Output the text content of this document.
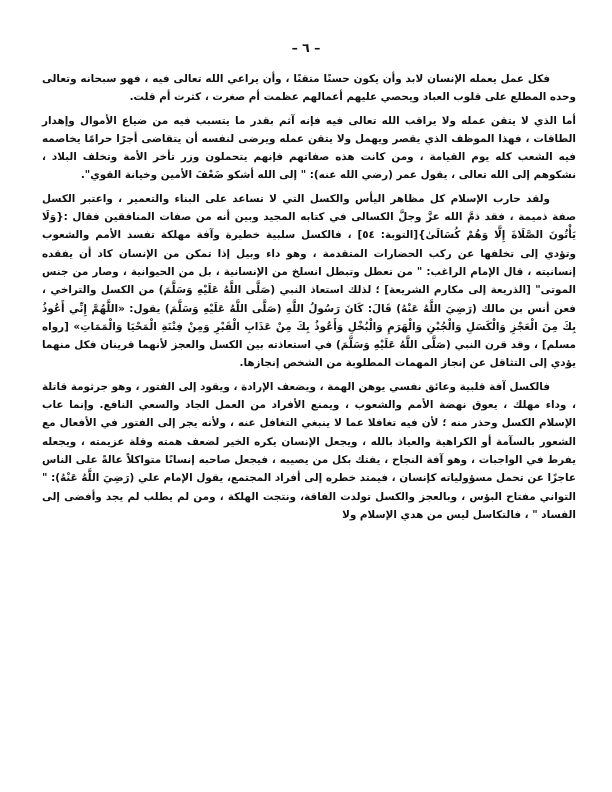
– ٦ –

فكل عمل يعمله الإنسان لابد وأن يكون حسنًا متقنًا ، وأن يراعي الله تعالى فيه ، فهو سبحانه وتعالى وحده المطلع على قلوب العباد ويحصي عليهم أعمالهم عظمت أم صغرت ، كثرت أم قلت.

أما الذي لا يتقن عمله ولا يراقب الله تعالى فيه فإنه آثم بقدر ما يتسبب فيه من ضياع الأموال وإهدار الطاقات ، فهذا الموظف الذي يقصر ويهمل ولا يتقن عمله ويرضى لنفسه أن يتقاضى أجرًا حرامًا يخاصمه فيه الشعب كله يوم القيامة ، ومن كانت هذه صفاتهم فإنهم يتحملون وزر تأخر الأمة وتخلف البلاد ، نشكوهم إلى الله تعالى ، يقول عمر (رضي الله عنه): " إلى الله أشكو ضَعْفَ الأمين وخيانة القوي".

ولقد حارب الإسلام كل مظاهر اليأس والكسل التي لا تساعد على البناء والتعمير ، واعتبر الكسل صفة ذميمة ، فقد ذمَّ الله عزَّ وجلَّ الكسالى في كتابه المجيد وبين أنه من صفات المنافقين فقال :{وَلَا يَأْتُونَ الصَّلَاةَ إِلَّا وَهُمْ كُسَالَىٰ}[التوبة: ٥٤] ، فالكسل سلبية خطيرة وآفة مهلكة تفسد الأمم والشعوب وتؤدي إلى تخلفها عن ركب الحضارات المتقدمة ، وهو داء وبيل إذا تمكن من الإنسان كاد أن يفقده إنسانيته ، قال الإمام الراغب: " من تعطل وتبطل انسلخ من الإنسانية ، بل من الحيوانية ، وصار من جنس الموتى" [الذريعة إلى مكارم الشريعة] ؛ لذلك استعاذ النبي (صَلَّى اللَّهُ عَلَيْهِ وَسَلَّمَ) من الكسل والتراخي ، فعن أنس بن مالك (رَضِيَ اللَّهُ عَنْهُ) قَالَ: كَانَ رَسُولُ اللَّهِ (صَلَّى اللَّهُ عَلَيْهِ وَسَلَّمَ) يقول: «اللَّهُمَّ إِنِّي أَعُوذُ بِكَ مِنَ الْعَجْزِ وَالْكَسَلِ وَالْجُبْنِ وَالْهَرَمِ وَالْبُخْلِ وَأَعُوذُ بِكَ مِنْ عَذَابِ الْقَبْرِ وَمِنْ فِتْنَةِ الْمَحْيَا وَالْمَمَاتِ» [رواه مسلم] ، وقد قرن النبي (صَلَّى اللَّهُ عَلَيْهِ وَسَلَّمَ) في استعاذته بين الكسل والعجز لأنهما قرينان فكل منهما يؤدي إلى التثاقل عن إنجاز المهمات المطلوبة من الشخص إنجازها.

فالكسل آفة قلبية وعائق نفسي يوهن الهمة ، ويضعف الإرادة ، ويقود إلى الفتور ، وهو جرثومة قاتلة ، وداء مهلك ، يعوق نهضة الأمم والشعوب ، ويمنع الأفراد من العمل الجاد والسعي النافع. وإنما عاب الإسلام الكسل وحذر منه ؛ لأن فيه تغافلا عما لا ينبغي التغافل عنه ، ولأنه يجر إلى الفتور في الأفعال مع الشعور بالسآمة أو الكراهية والعياذ بالله ، ويجعل الإنسان يكره الخير لضعف همته وقلة عزيمته ، ويجعله يفرط في الواجبات ، وهو آفة النجاح ، يفتك بكل من يصيبه ، فيجعل صاحبه إنسانًا متواكلاً عالةً على الناس عاجزًا عن تحمل مسؤولياته كإنسان ، فيمتد خطره إلى أفراد المجتمع، يقول الإمام علي (رَضِيَ اللَّهُ عَنْهُ): " التواني مفتاح البؤس ، وبالعجز والكسل تولدت الفاقة، ونتجت الهلكة ، ومن لم يطلب لم يجد وأفضى إلى الفساد " ، فالتكاسل ليس من هدي الإسلام ولا
